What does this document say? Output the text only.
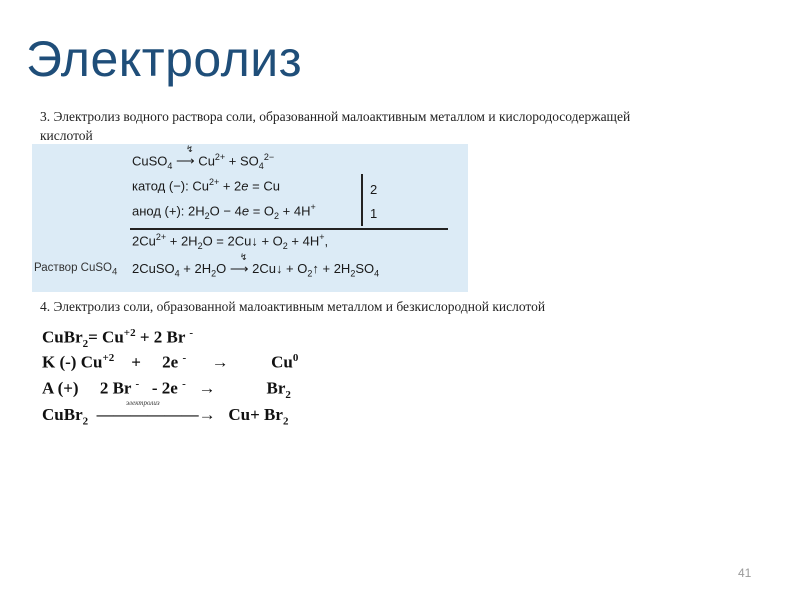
Электролиз
3. Электролиз водного раствора соли, образованной малоактивным металлом и кислородосодержащей кислотой
CuSO$_4$
↯
⟶ $Cu^{2+} + SO_4^{2-}$
катод (−): $Cu^{2+} + 2e = Cu$
анод (+): $2H_2O - 4e = O_2 + 4H^+$
2
1
$2Cu^{2+} + 2H_2O$ = 2Cu↓ + $O_2 + 4H^+$,
Раствор CuSO$_4$ 2CuSO$_4$ + $2H_2O$
↯
⟶ 2Cu↓ + $O_2↑ + 2H_2SO_4$
4. Электролиз соли, образованной малоактивным металлом и безкислородной кислотой
CuBr$_2$= $Cu^{+2} + 2$ Br -
K (-) $Cu^{+2}$    +     2e -      →          Cu$^0$
A (+)     2 Br -   - 2e -   →            $Br_2$
CuBr$_2$  ——————→   $Cu+ Br_2$
электролиз
41
